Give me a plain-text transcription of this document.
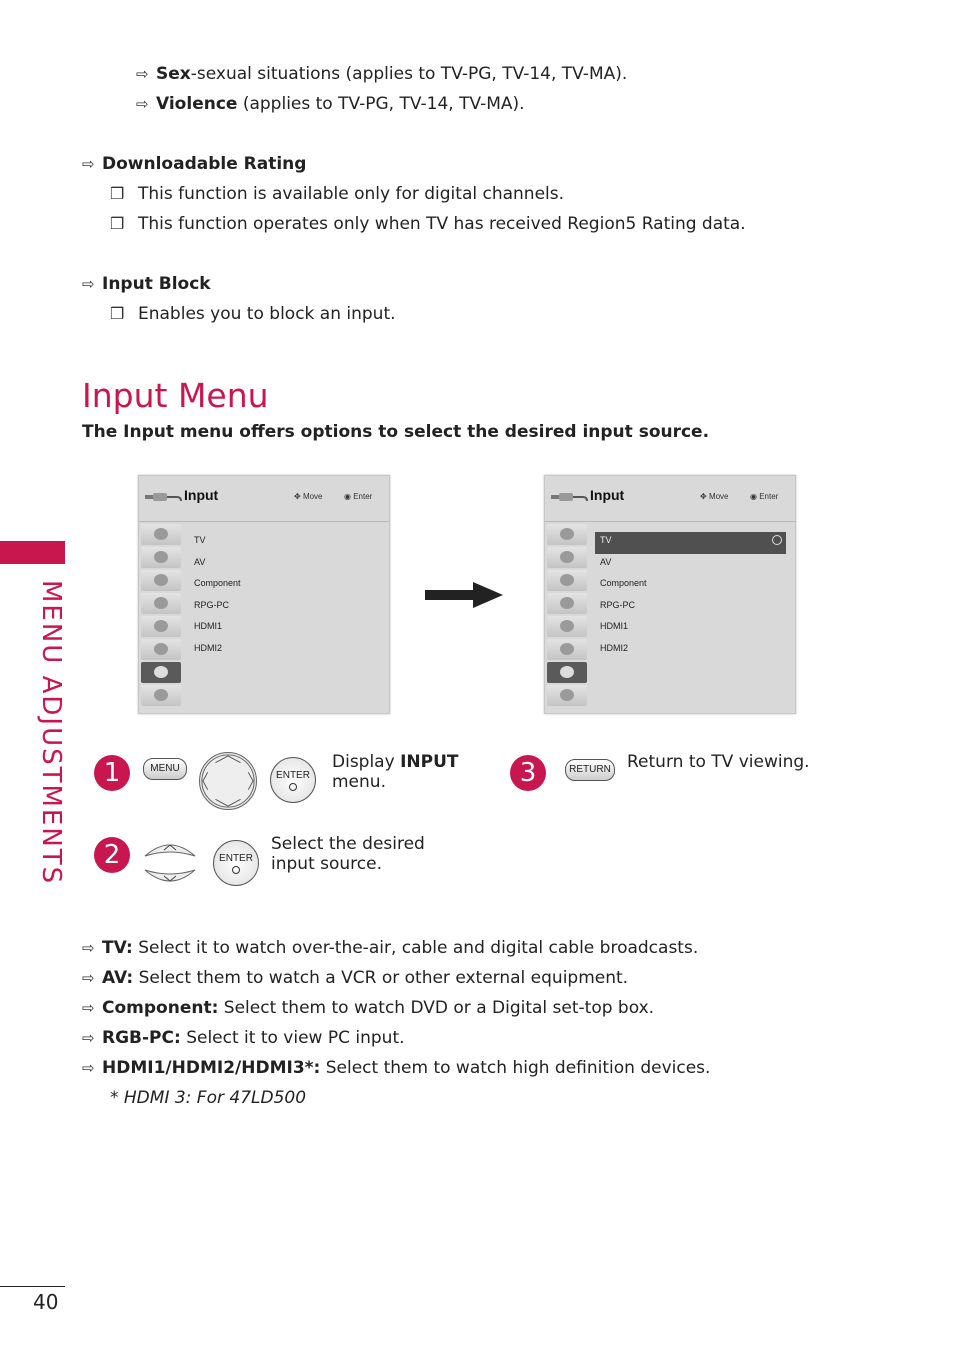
MENU ADJUSTMENTS
⇨ Sex-sexual situations (applies to TV-PG, TV-14, TV-MA).
⇨ Violence (applies to TV-PG, TV-14, TV-MA).
⇨ Downloadable Rating
❒ This function is available only for digital channels.
❒ This function operates only when TV has received Region5 Rating data.
⇨ Input Block
❒ Enables you to block an input.
Input Menu
The Input menu offers options to select the desired input source.
Input	✥ Move	◉ Enter
TV
AV
Component
RPG-PC
HDMI1
HDMI2
Input	✥ Move	◉ Enter
TV
AV
Component
RPG-PC
HDMI1
HDMI2
1	MENU
ENTER
Display INPUT
menu.
2	ENTER
Select the desired
input source.
3	RETURN Return to TV viewing.
⇨ TV: Select it to watch over-the-air, cable and digital cable broadcasts.
⇨ AV: Select them to watch a VCR or other external equipment.
⇨ Component: Select them to watch DVD or a Digital set-top box.
⇨ RGB-PC: Select it to view PC input.
⇨ HDMI1/HDMI2/HDMI3*: Select them to watch high definition devices.
* HDMI 3: For 47LD500
40
